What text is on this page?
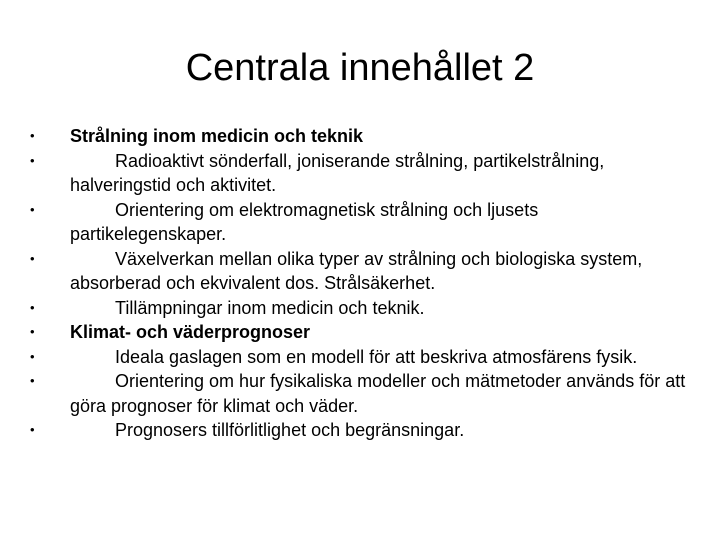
Centrala innehållet 2
•	Strålning inom medicin och teknik
•	Radioaktivt sönderfall, joniserande strålning, partikelstrålning, halveringstid och aktivitet.
•	Orientering om elektromagnetisk strålning och ljusets partikelegenskaper.
•	Växelverkan mellan olika typer av strålning och biologiska system, absorberad och ekvivalent dos. Strålsäkerhet.
•	Tillämpningar inom medicin och teknik.
•	Klimat- och väderprognoser
•	Ideala gaslagen som en modell för att beskriva atmosfärens fysik.
•	Orientering om hur fysikaliska modeller och mätmetoder används för att göra prognoser för klimat och väder.
•	Prognosers tillförlitlighet och begränsningar.
